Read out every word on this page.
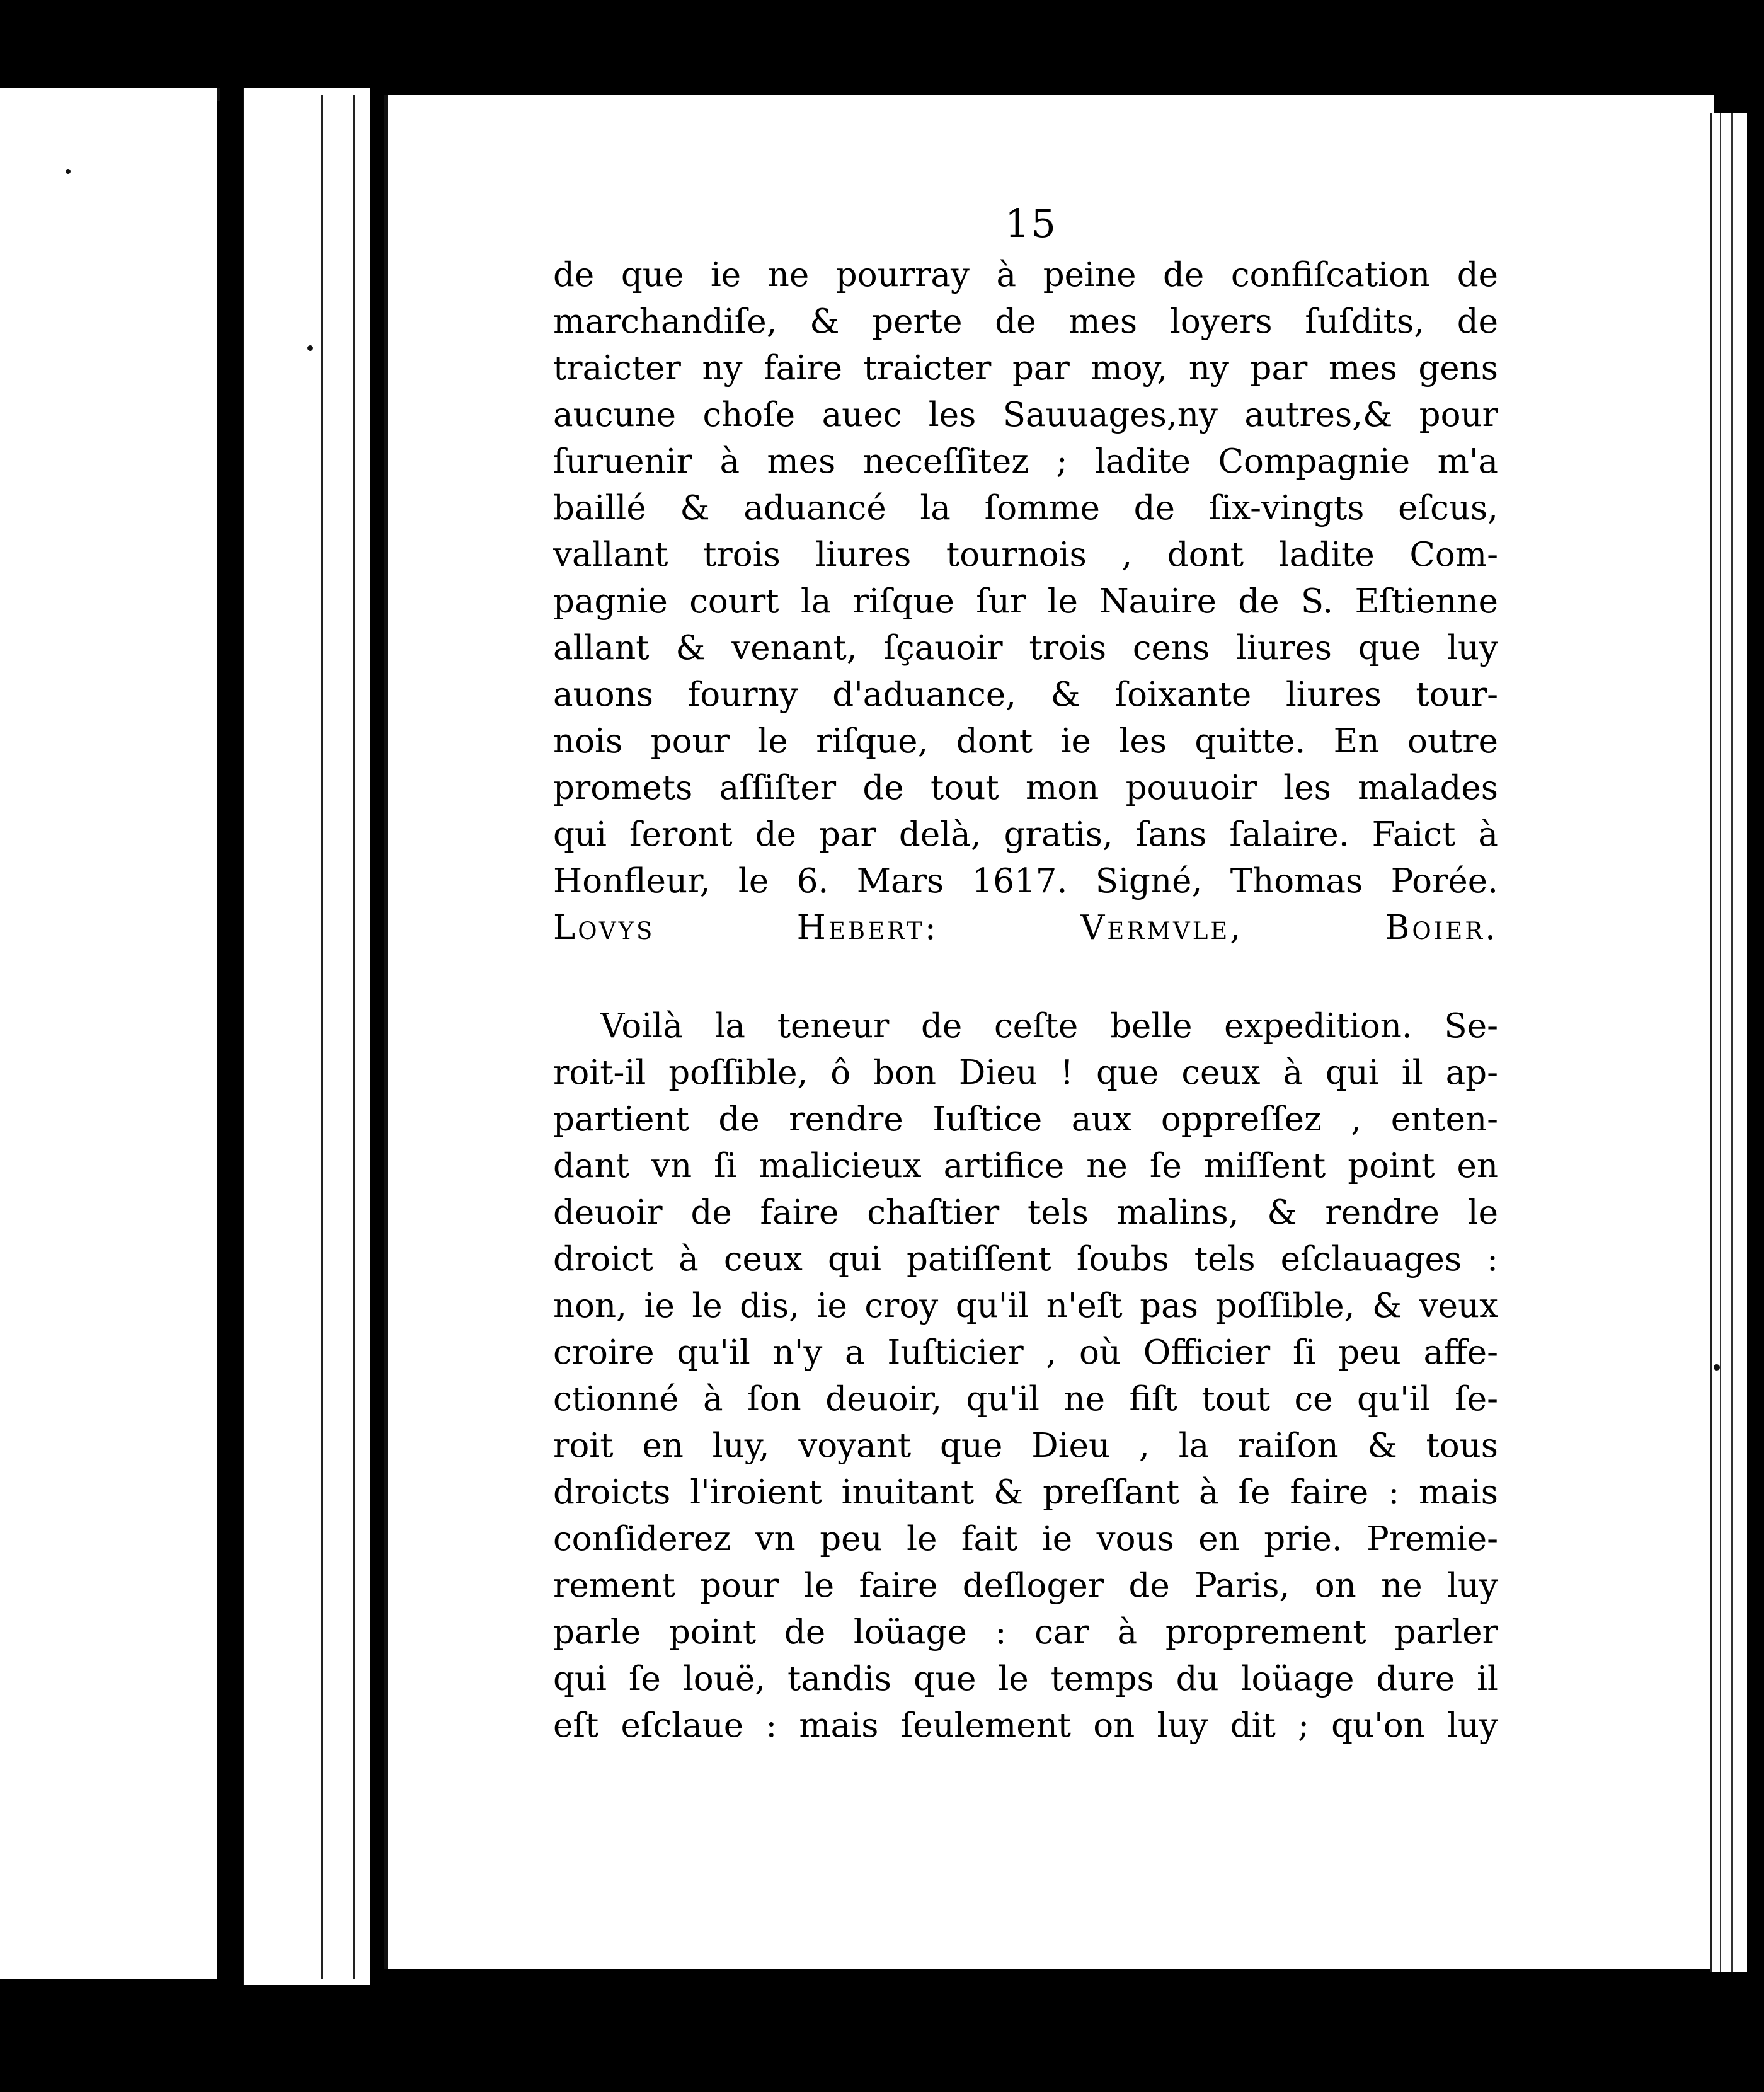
15
de que ie ne pourray à peine de confiſcation de
marchandiſe, & perte de mes loyers ſuſdits, de
traicter ny faire traicter par moy, ny par mes gens
aucune choſe auec les Sauuages,ny autres,& pour
ſuruenir à mes neceſſitez ; ladite Compagnie m'a
baillé & aduancé la ſomme de ſix-vingts eſcus,
vallant trois liures tournois , dont ladite Com-
pagnie court la riſque ſur le Nauire de S. Eſtienne
allant & venant, ſçauoir trois cens liures que luy
auons fourny d'aduance, & ſoixante liures tour-
nois pour le riſque, dont ie les quitte. En outre
promets aſſiſter de tout mon pouuoir les malades
qui ſeront de par delà, gratis, ſans ſalaire. Faict à
Honfleur, le 6. Mars 1617. Signé, Thomas Porée.
Lovys Hebert: Vermvle, Boier.
Voilà la teneur de ceſte belle expedition. Se-
roit-il poſſible, ô bon Dieu ! que ceux à qui il ap-
partient de rendre Iuſtice aux oppreſſez , enten-
dant vn ſi malicieux artifice ne ſe miſſent point en
deuoir de faire chaſtier tels malins, & rendre le
droict à ceux qui patiſſent ſoubs tels eſclauages :
non, ie le dis, ie croy qu'il n'eſt pas poſſible, & veux
croire qu'il n'y a Iuſticier , où Officier ſi peu affe-
ctionné à ſon deuoir, qu'il ne fiſt tout ce qu'il ſe-
roit en luy, voyant que Dieu , la raiſon & tous
droicts l'iroient inuitant & preſſant à ſe faire : mais
conſiderez vn peu le fait ie vous en prie. Premie-
rement pour le faire deſloger de Paris, on ne luy
parle point de loüage : car à proprement parler
qui ſe louë, tandis que le temps du loüage dure il
eſt eſclaue : mais ſeulement on luy dit ; qu'on luy
